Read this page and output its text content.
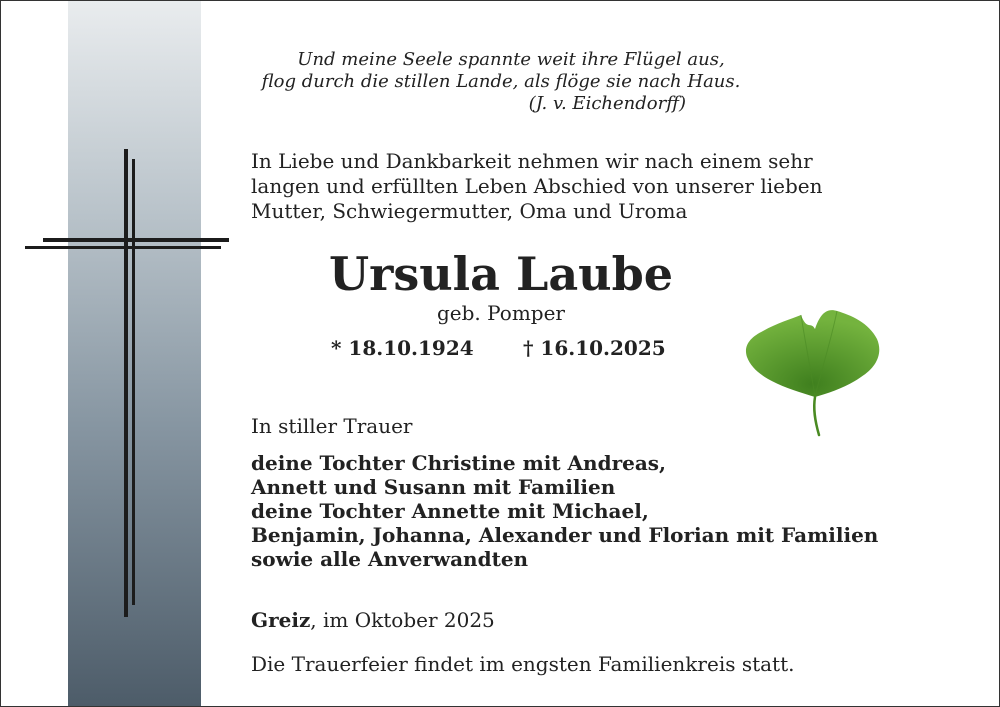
Und meine Seele spannte weit ihre Flügel aus,
flog durch die stillen Lande, als flöge sie nach Haus.
(J. v. Eichendorff)
In Liebe und Dankbarkeit nehmen wir nach einem sehr
langen und erfüllten Leben Abschied von unserer lieben
Mutter, Schwiegermutter, Oma und Uroma
Ursula Laube
geb. Pomper
* 18.10.1924 † 16.10.2025
In stiller Trauer
deine Tochter Christine mit Andreas,
Annett und Susann mit Familien
deine Tochter Annette mit Michael,
Benjamin, Johanna, Alexander und Florian mit Familien
sowie alle Anverwandten
Greiz, im Oktober 2025
Die Trauerfeier findet im engsten Familienkreis statt.
